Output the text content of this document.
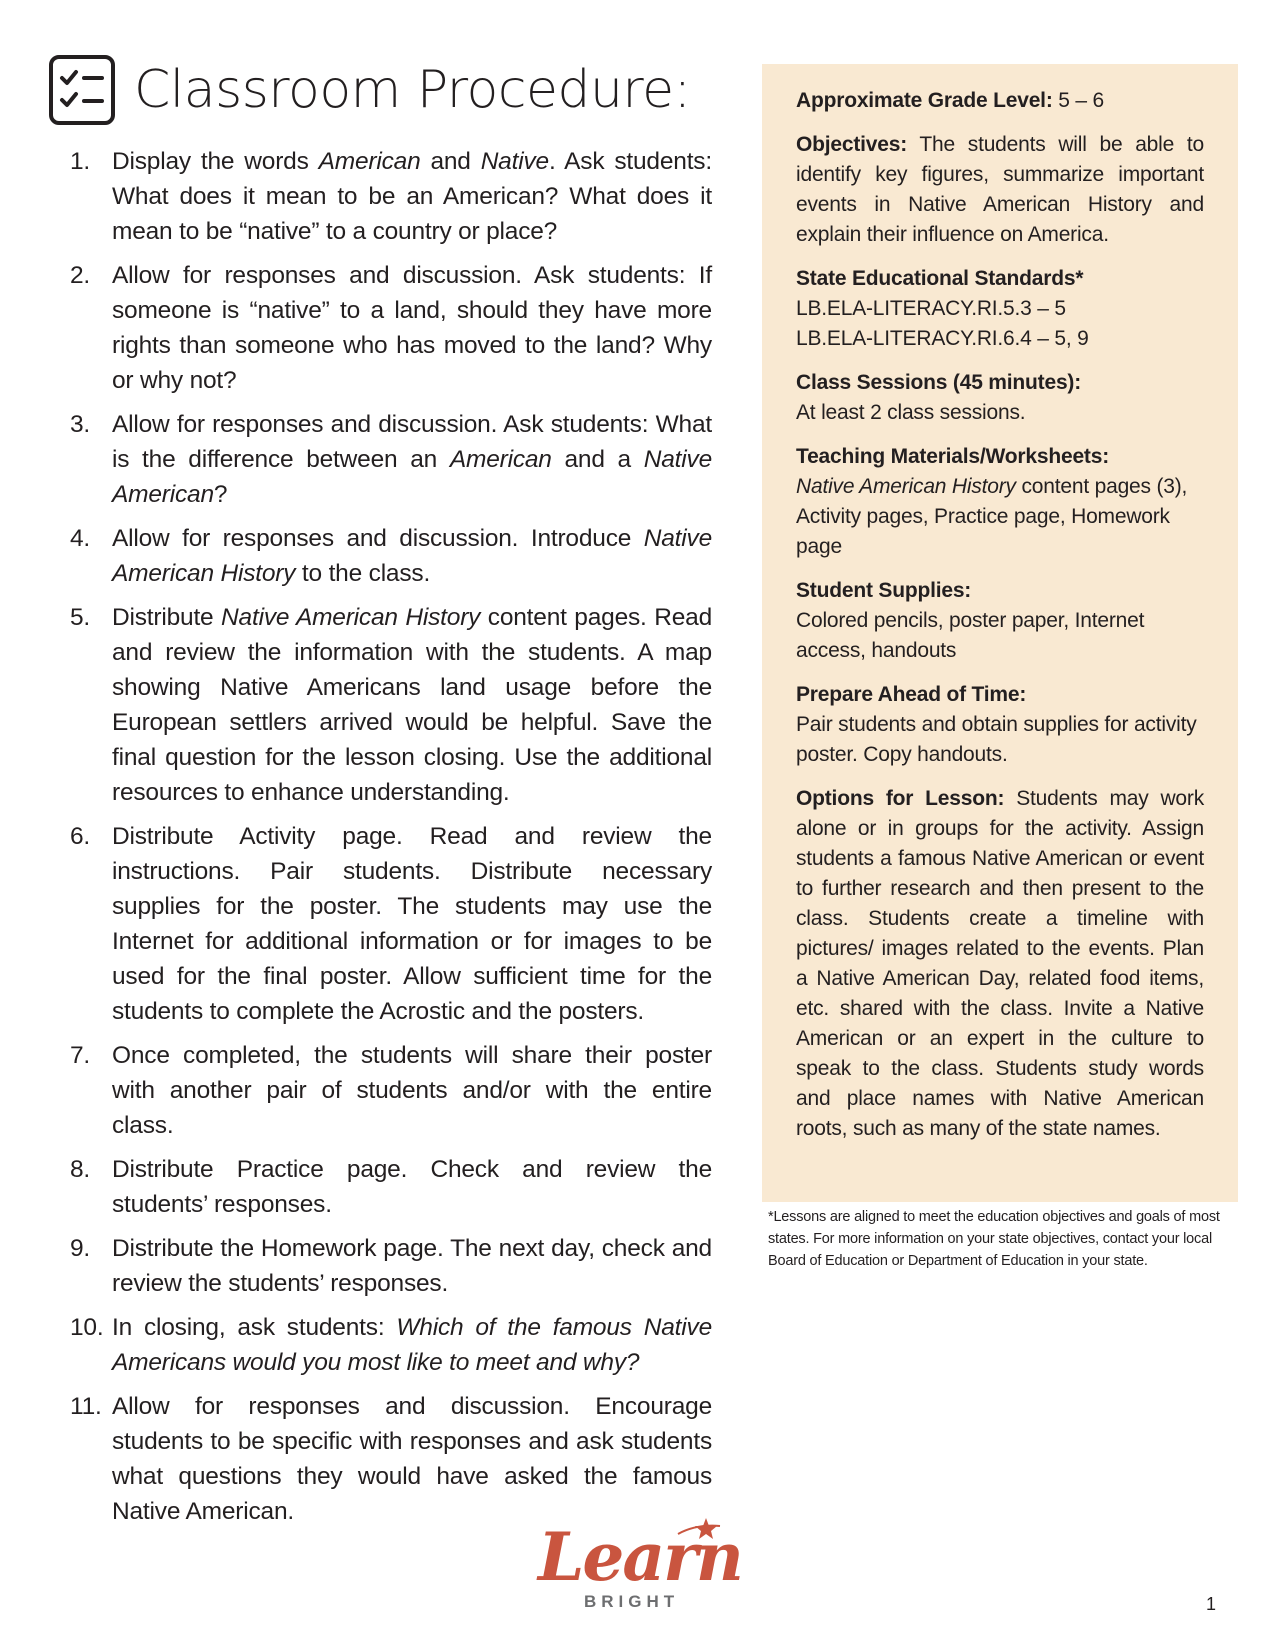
Classroom Procedure:
1. Display the words American and Native. Ask students: What does it mean to be an American? What does it mean to be “native” to a country or place?
2. Allow for responses and discussion. Ask students: If someone is “native” to a land, should they have more rights than someone who has moved to the land? Why or why not?
3. Allow for responses and discussion. Ask students: What is the difference between an American and a Native American?
4. Allow for responses and discussion. Introduce Native American History to the class.
5. Distribute Native American History content pages. Read and review the information with the students. A map showing Native Americans land usage before the European settlers arrived would be helpful. Save the final question for the lesson closing. Use the additional resources to enhance understanding.
6. Distribute Activity page. Read and review the instructions. Pair students. Distribute necessary supplies for the poster. The students may use the Internet for additional information or for images to be used for the final poster. Allow sufficient time for the students to complete the Acrostic and the posters.
7. Once completed, the students will share their poster with another pair of students and/or with the entire class.
8. Distribute Practice page. Check and review the students’ responses.
9. Distribute the Homework page. The next day, check and review the students’ responses.
10. In closing, ask students: Which of the famous Native Americans would you most like to meet and why?
11. Allow for responses and discussion. Encourage students to be specific with responses and ask students what questions they would have asked the famous Native American.
Approximate Grade Level: 5 – 6
Objectives: The students will be able to identify key figures, summarize important events in Native American History and explain their influence on America.
State Educational Standards*
LB.ELA-LITERACY.RI.5.3 – 5
LB.ELA-LITERACY.RI.6.4 – 5, 9
Class Sessions (45 minutes):
At least 2 class sessions.
Teaching Materials/Worksheets:
Native American History content pages (3), Activity pages, Practice page, Homework page
Student Supplies:
Colored pencils, poster paper, Internet access, handouts
Prepare Ahead of Time:
Pair students and obtain supplies for activity poster. Copy handouts.
Options for Lesson: Students may work alone or in groups for the activity. Assign students a famous Native American or event to further research and then present to the class. Students create a timeline with pictures/ images related to the events. Plan a Native American Day, related food items, etc. shared with the class. Invite a Native American or an expert in the culture to speak to the class. Students study words and place names with Native American roots, such as many of the state names.
*Lessons are aligned to meet the education objectives and goals of most states. For more information on your state objectives, contact your local Board of Education or Department of Education in your state.
Learn
BRIGHT	1
